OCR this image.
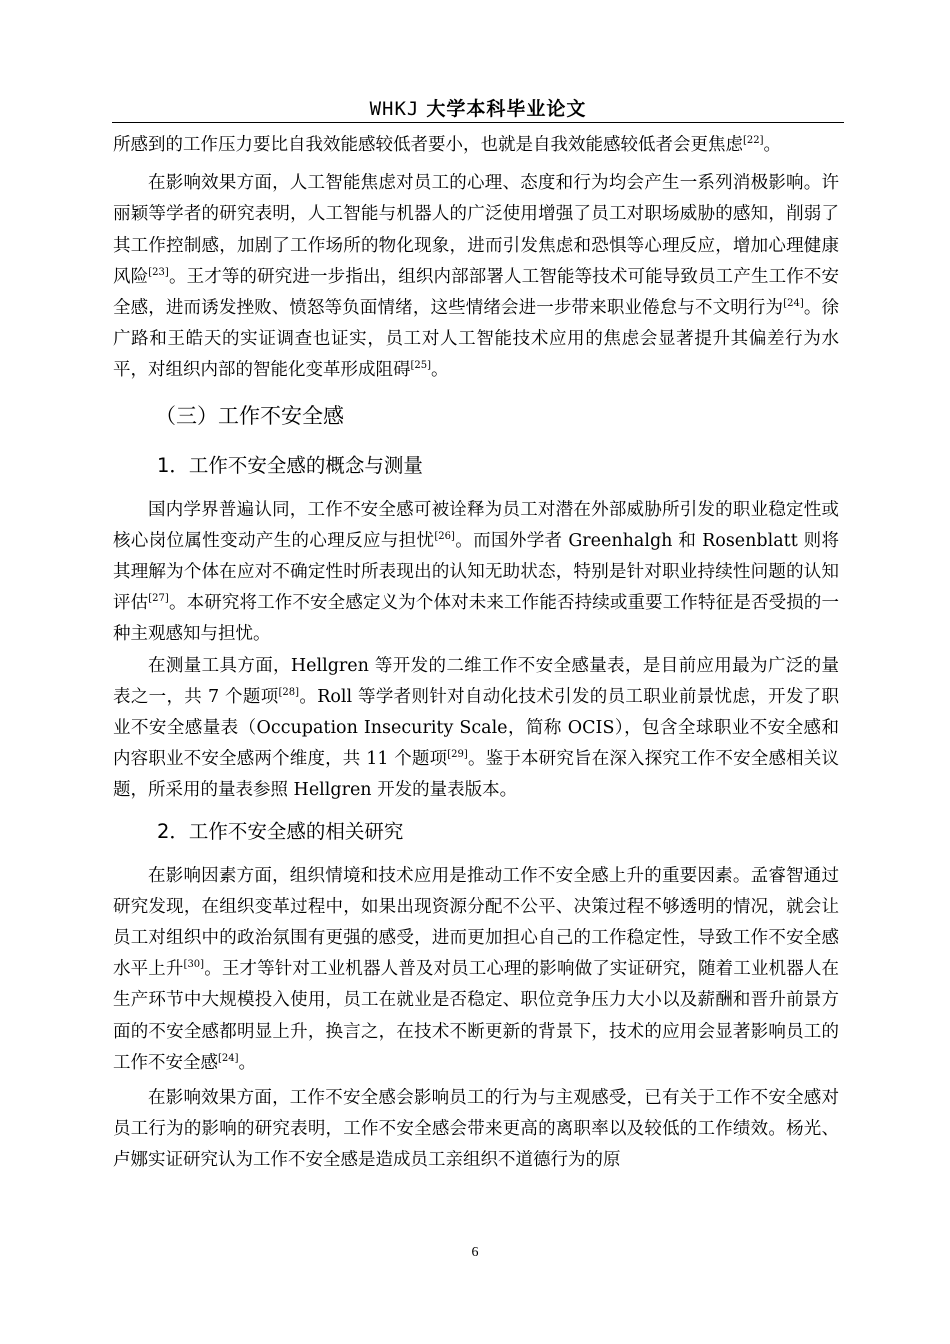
WHKJ 大学本科毕业论文

所感到的工作压力要比自我效能感较低者要小，也就是自我效能感较低者会更焦虑[22]。

在影响效果方面，人工智能焦虑对员工的心理、态度和行为均会产生一系列消极影响。许丽颖等学者的研究表明，人工智能与机器人的广泛使用增强了员工对职场威胁的感知，削弱了其工作控制感，加剧了工作场所的物化现象，进而引发焦虑和恐惧等心理反应，增加心理健康风险[23]。王才等的研究进一步指出，组织内部部署人工智能等技术可能导致员工产生工作不安全感，进而诱发挫败、愤怒等负面情绪，这些情绪会进一步带来职业倦怠与不文明行为[24]。徐广路和王皓天的实证调查也证实，员工对人工智能技术应用的焦虑会显著提升其偏差行为水平，对组织内部的智能化变革形成阻碍[25]。

（三）工作不安全感
1．工作不安全感的概念与测量

国内学界普遍认同，工作不安全感可被诠释为员工对潜在外部威胁所引发的职业稳定性或核心岗位属性变动产生的心理反应与担忧[26]。而国外学者 Greenhalgh 和 Rosenblatt 则将其理解为个体在应对不确定性时所表现出的认知无助状态，特别是针对职业持续性问题的认知评估[27]。本研究将工作不安全感定义为个体对未来工作能否持续或重要工作特征是否受损的一种主观感知与担忧。

在测量工具方面，Hellgren 等开发的二维工作不安全感量表，是目前应用最为广泛的量表之一，共 7 个题项[28]。Roll 等学者则针对自动化技术引发的员工职业前景忧虑，开发了职业不安全感量表（Occupation Insecurity Scale，简称 OCIS），包含全球职业不安全感和内容职业不安全感两个维度，共 11 个题项[29]。鉴于本研究旨在深入探究工作不安全感相关议题，所采用的量表参照 Hellgren 开发的量表版本。

2．工作不安全感的相关研究

在影响因素方面，组织情境和技术应用是推动工作不安全感上升的重要因素。孟睿智通过研究发现，在组织变革过程中，如果出现资源分配不公平、决策过程不够透明的情况，就会让员工对组织中的政治氛围有更强的感受，进而更加担心自己的工作稳定性，导致工作不安全感水平上升[30]。王才等针对工业机器人普及对员工心理的影响做了实证研究，随着工业机器人在生产环节中大规模投入使用，员工在就业是否稳定、职位竞争压力大小以及薪酬和晋升前景方面的不安全感都明显上升，换言之，在技术不断更新的背景下，技术的应用会显著影响员工的工作不安全感[24]。

在影响效果方面，工作不安全感会影响员工的行为与主观感受，已有关于工作不安全感对员工行为的影响的研究表明，工作不安全感会带来更高的离职率以及较低的工作绩效。杨光、卢娜实证研究认为工作不安全感是造成员工亲组织不道德行为的原

6
